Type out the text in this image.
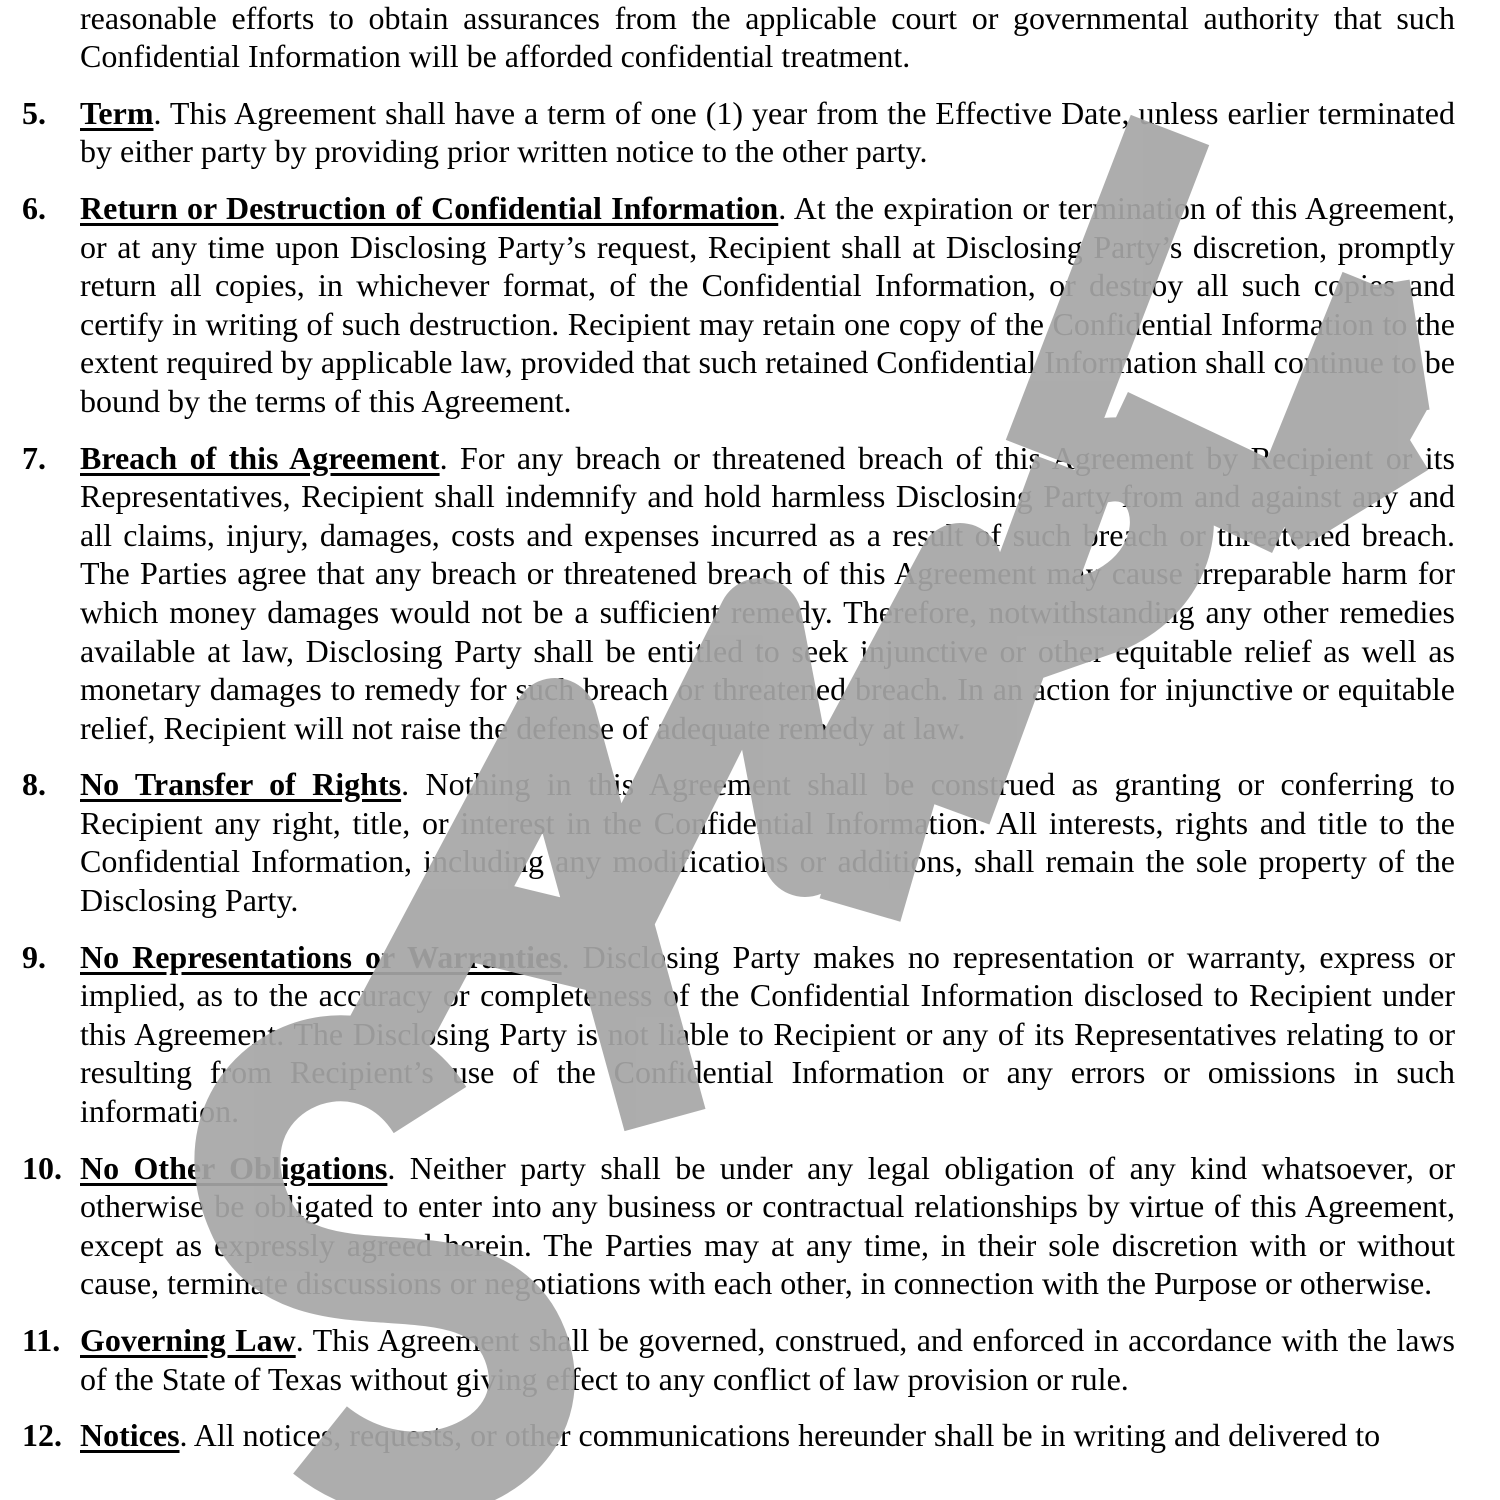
reasonable efforts to obtain assurances from the applicable court or governmental authority that such Confidential Information will be afforded confidential treatment.

5. Term. This Agreement shall have a term of one (1) year from the Effective Date, unless earlier terminated by either party by providing prior written notice to the other party.

6. Return or Destruction of Confidential Information. At the expiration or termination of this Agreement, or at any time upon Disclosing Party’s request, Recipient shall at Disclosing Party’s discretion, promptly return all copies, in whichever format, of the Confidential Information, or destroy all such copies and certify in writing of such destruction. Recipient may retain one copy of the Confidential Information to the extent required by applicable law, provided that such retained Confidential Information shall continue to be bound by the terms of this Agreement.

7. Breach of this Agreement. For any breach or threatened breach of this Agreement by Recipient or its Representatives, Recipient shall indemnify and hold harmless Disclosing Party from and against any and all claims, injury, damages, costs and expenses incurred as a result of such breach or threatened breach. The Parties agree that any breach or threatened breach of this Agreement may cause irreparable harm for which money damages would not be a sufficient remedy. Therefore, notwithstanding any other remedies available at law, Disclosing Party shall be entitled to seek injunctive or other equitable relief as well as monetary damages to remedy for such breach or threatened breach. In an action for injunctive or equitable relief, Recipient will not raise the defense of adequate remedy at law.

8. No Transfer of Rights. Nothing in this Agreement shall be construed as granting or conferring to Recipient any right, title, or interest in the Confidential Information. All interests, rights and title to the Confidential Information, including any modifications or additions, shall remain the sole property of the Disclosing Party.

9. No Representations or Warranties. Disclosing Party makes no representation or warranty, express or implied, as to the accuracy or completeness of the Confidential Information disclosed to Recipient under this Agreement. The Disclosing Party is not liable to Recipient or any of its Representatives relating to or resulting from Recipient’s use of the Confidential Information or any errors or omissions in such information.

10. No Other Obligations. Neither party shall be under any legal obligation of any kind whatsoever, or otherwise be obligated to enter into any business or contractual relationships by virtue of this Agreement, except as expressly agreed herein. The Parties may at any time, in their sole discretion with or without cause, terminate discussions or negotiations with each other, in connection with the Purpose or otherwise.

11. Governing Law. This Agreement shall be governed, construed, and enforced in accordance with the laws of the State of Texas without giving effect to any conflict of law provision or rule.

12. Notices. All notices, requests, or other communications hereunder shall be in writing and delivered to
